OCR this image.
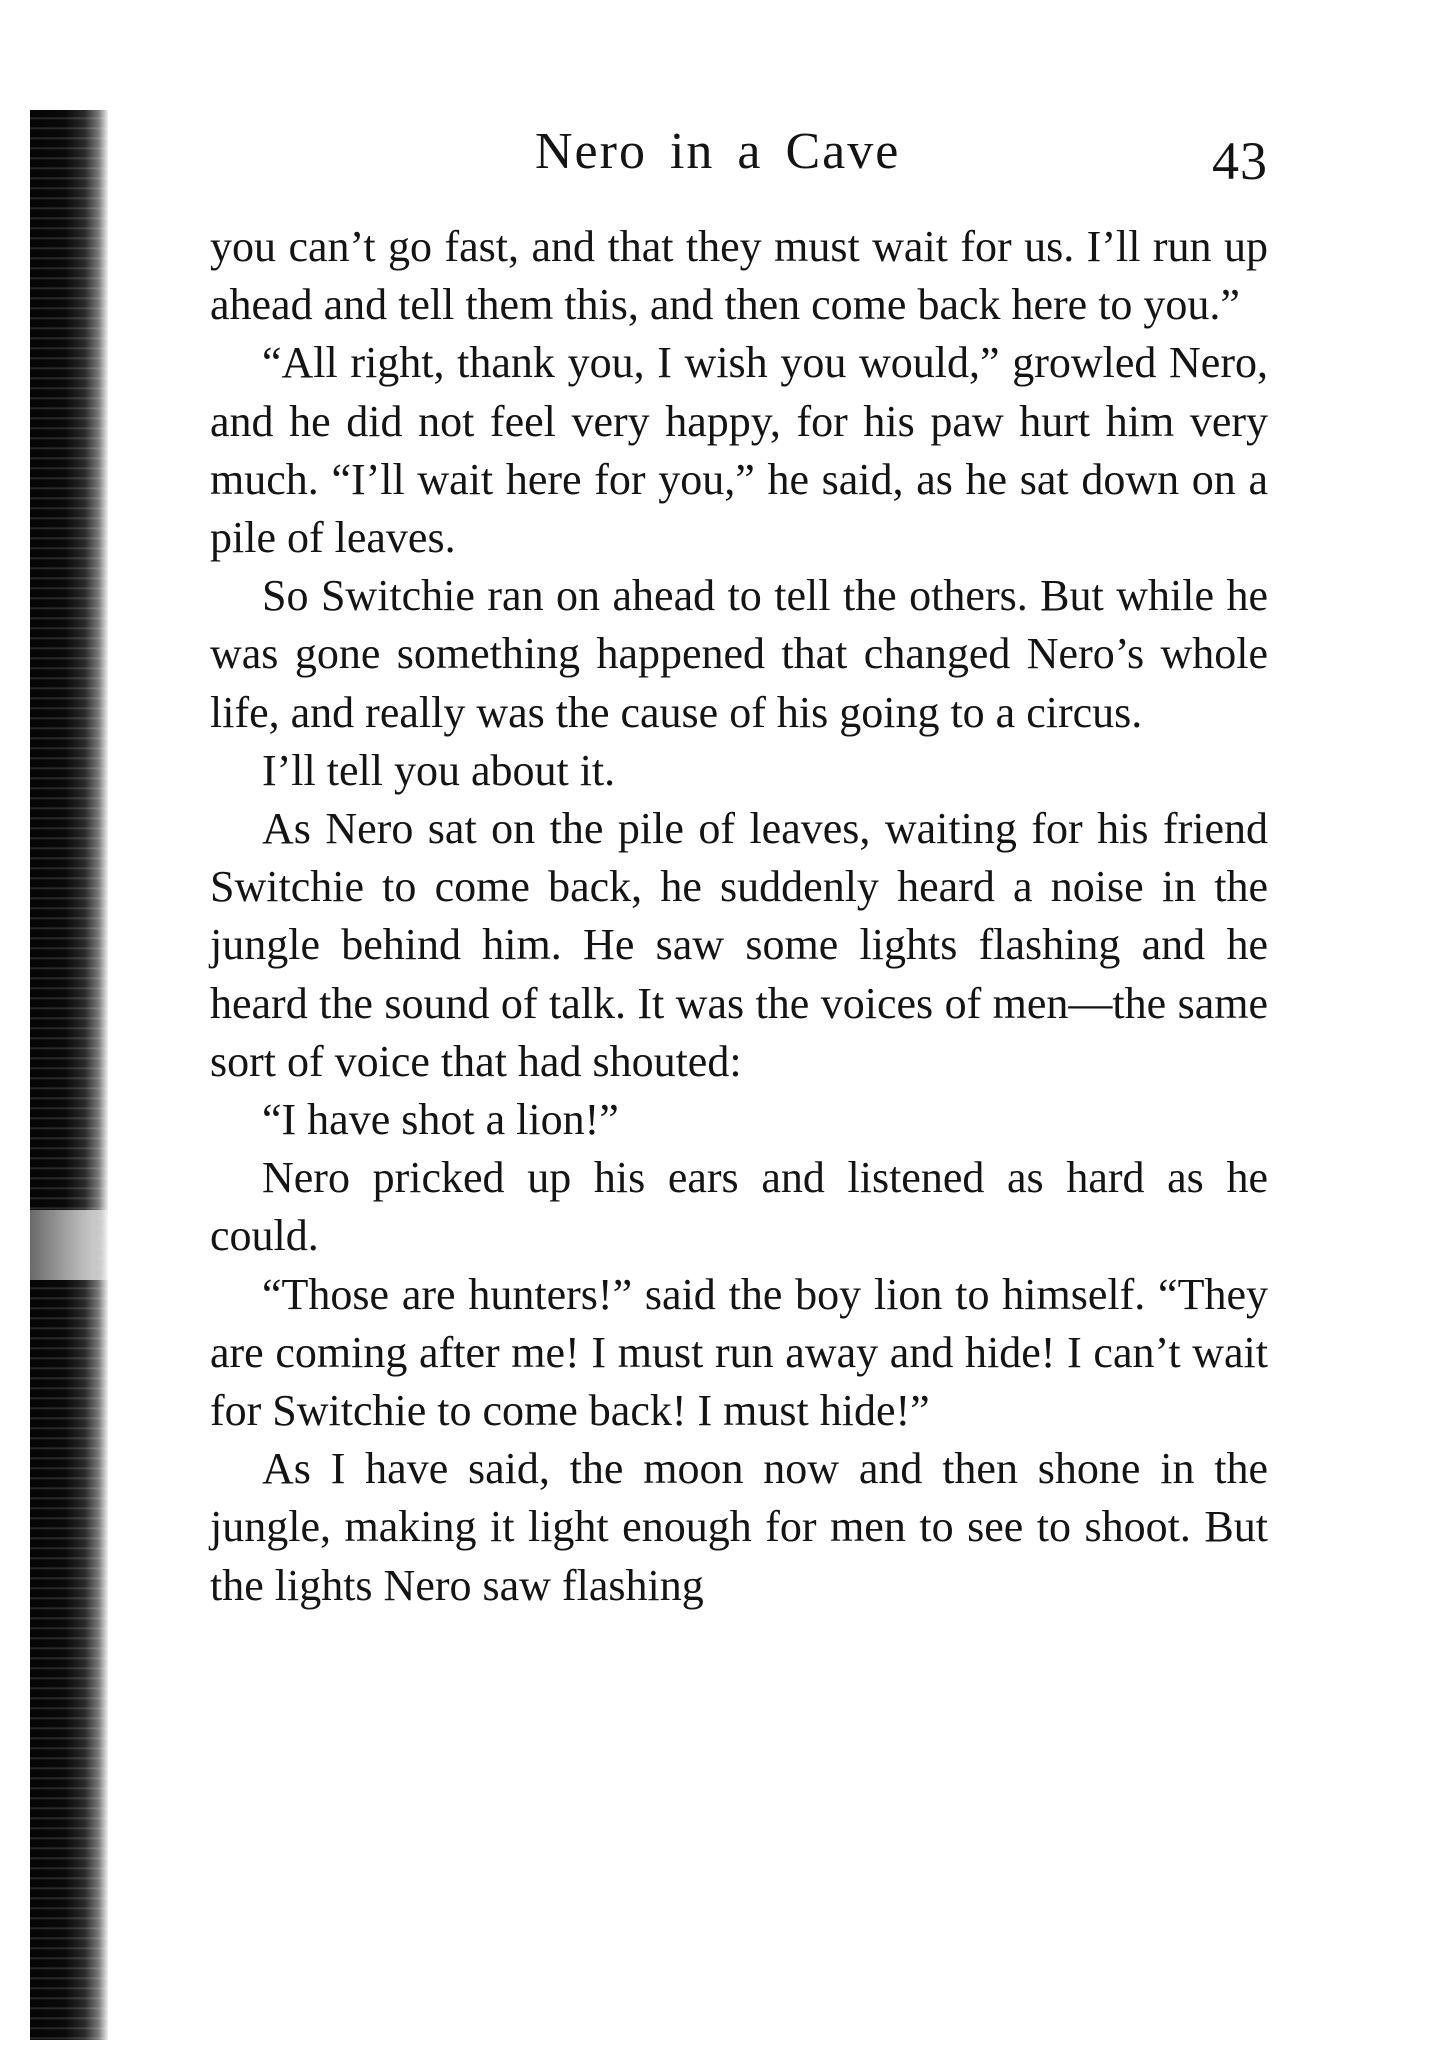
Nero in a Cave	43

you can’t go fast, and that they must wait for us. I’ll run up ahead and tell them this, and then come back here to you.”

“All right, thank you, I wish you would,” growled Nero, and he did not feel very happy, for his paw hurt him very much. “I’ll wait here for you,” he said, as he sat down on a pile of leaves.

So Switchie ran on ahead to tell the others. But while he was gone something happened that changed Nero’s whole life, and really was the cause of his going to a circus.

I’ll tell you about it.

As Nero sat on the pile of leaves, waiting for his friend Switchie to come back, he suddenly heard a noise in the jungle behind him. He saw some lights flashing and he heard the sound of talk. It was the voices of men—the same sort of voice that had shouted:

“I have shot a lion!”

Nero pricked up his ears and listened as hard as he could.

“Those are hunters!” said the boy lion to himself. “They are coming after me! I must run away and hide! I can’t wait for Switchie to come back! I must hide!”

As I have said, the moon now and then shone in the jungle, making it light enough for men to see to shoot. But the lights Nero saw flashing
